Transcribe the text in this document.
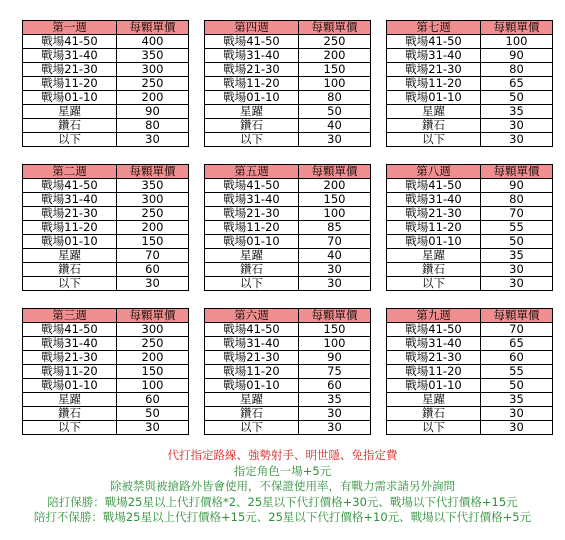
第一週	每顆單價
戰場41-50	400
戰場31-40	350
戰場21-30	300
戰場11-20	250
戰場01-10	200
星躍	90
鑽石	80
以下	30
第四週	每顆單價
戰場41-50	250
戰場31-40	200
戰場21-30	150
戰場11-20	100
戰場01-10	80
星躍	50
鑽石	40
以下	30
第七週	每顆單價
戰場41-50	100
戰場31-40	90
戰場21-30	80
戰場11-20	65
戰場01-10	50
星躍	35
鑽石	30
以下	30
第二週	每顆單價
戰場41-50	350
戰場31-40	300
戰場21-30	250
戰場11-20	200
戰場01-10	150
星躍	70
鑽石	60
以下	30
第五週	每顆單價
戰場41-50	200
戰場31-40	150
戰場21-30	100
戰場11-20	85
戰場01-10	70
星躍	40
鑽石	30
以下	30
第八週	每顆單價
戰場41-50	90
戰場31-40	80
戰場21-30	70
戰場11-20	55
戰場01-10	50
星躍	35
鑽石	30
以下	30
第三週	每顆單價
戰場41-50	300
戰場31-40	250
戰場21-30	200
戰場11-20	150
戰場01-10	100
星躍	60
鑽石	50
以下	30
第六週	每顆單價
戰場41-50	150
戰場31-40	100
戰場21-30	90
戰場11-20	75
戰場01-10	60
星躍	35
鑽石	30
以下	30
第九週	每顆單價
戰場41-50	70
戰場31-40	65
戰場21-30	60
戰場11-20	55
戰場01-10	50
星躍	35
鑽石	30
以下	30
代打指定路線、強勢射手、明世隱、免指定費
指定角色一場+5元
除被禁與被搶路外皆會使用，不保證使用率，有戰力需求請另外詢問
陪打保勝：戰場25星以上代打價格*2、25星以下代打價格+30元、戰場以下代打價格+15元
陪打不保勝：戰場25星以上代打價格+15元、25星以下代打價格+10元、戰場以下代打價格+5元
